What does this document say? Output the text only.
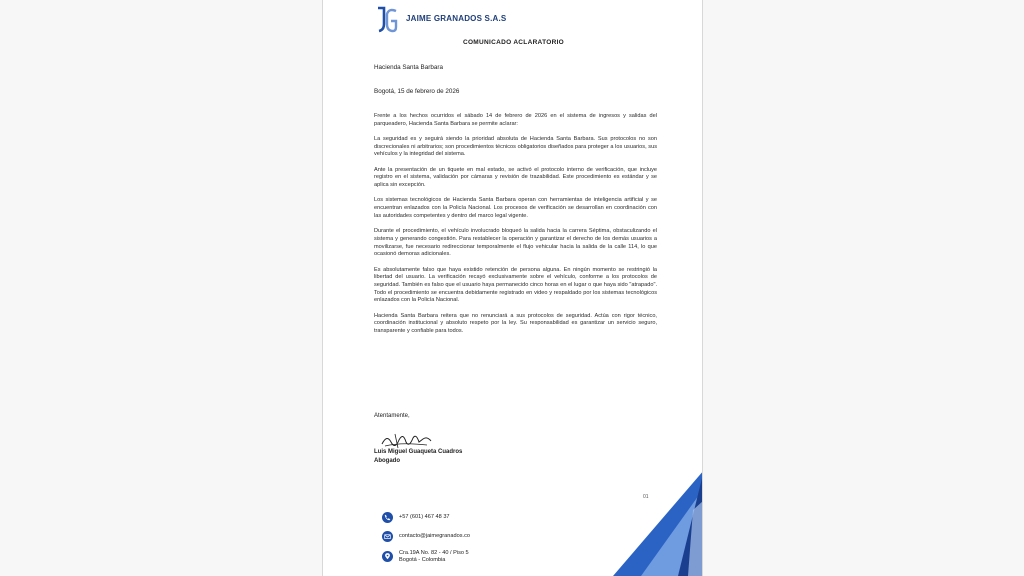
JAIME GRANADOS S.A.S
COMUNICADO ACLARATORIO
Hacienda Santa Barbara
Bogotá, 15 de febrero de 2026

Frente a los hechos ocurridos el sábado 14 de febrero de 2026 en el sistema de ingresos y salidas del parqueadero, Hacienda Santa Barbara se permite aclarar:

La seguridad es y seguirá siendo la prioridad absoluta de Hacienda Santa Barbara. Sus protocolos no son discrecionales ni arbitrarios; son procedimientos técnicos obligatorios diseñados para proteger a los usuarios, sus vehículos y la integridad del sistema.

Ante la presentación de un tiquete en mal estado, se activó el protocolo interno de verificación, que incluye registro en el sistema, validación por cámaras y revisión de trazabilidad. Este procedimiento es estándar y se aplica sin excepción.

Los sistemas tecnológicos de Hacienda Santa Barbara operan con herramientas de inteligencia artificial y se encuentran enlazados con la Policía Nacional. Los procesos de verificación se desarrollan en coordinación con las autoridades competentes y dentro del marco legal vigente.

Durante el procedimiento, el vehículo involucrado bloqueó la salida hacia la carrera Séptima, obstaculizando el sistema y generando congestión. Para restablecer la operación y garantizar el derecho de los demás usuarios a movilizarse, fue necesario redireccionar temporalmente el flujo vehicular hacia la salida de la calle 114, lo que ocasionó demoras adicionales.

Es absolutamente falso que haya existido retención de persona alguna. En ningún momento se restringió la libertad del usuario. La verificación recayó exclusivamente sobre el vehículo, conforme a los protocolos de seguridad. También es falso que el usuario haya permanecido cinco horas en el lugar o que haya sido "atrapado". Todo el procedimiento se encuentra debidamente registrado en video y respaldado por los sistemas tecnológicos enlazados con la Policía Nacional.

Hacienda Santa Barbara reitera que no renunciará a sus protocolos de seguridad. Actúa con rigor técnico, coordinación institucional y absoluto respeto por la ley. Su responsabilidad es garantizar un servicio seguro, transparente y confiable para todos.

Atentamente,
Luis Miguel Guaqueta Cuadros
Abogado
01
+57 (601) 467 48 37
contacto@jaimegranados.co
Cra.19A No. 82 - 40 / Piso 5
Bogotá - Colombia
